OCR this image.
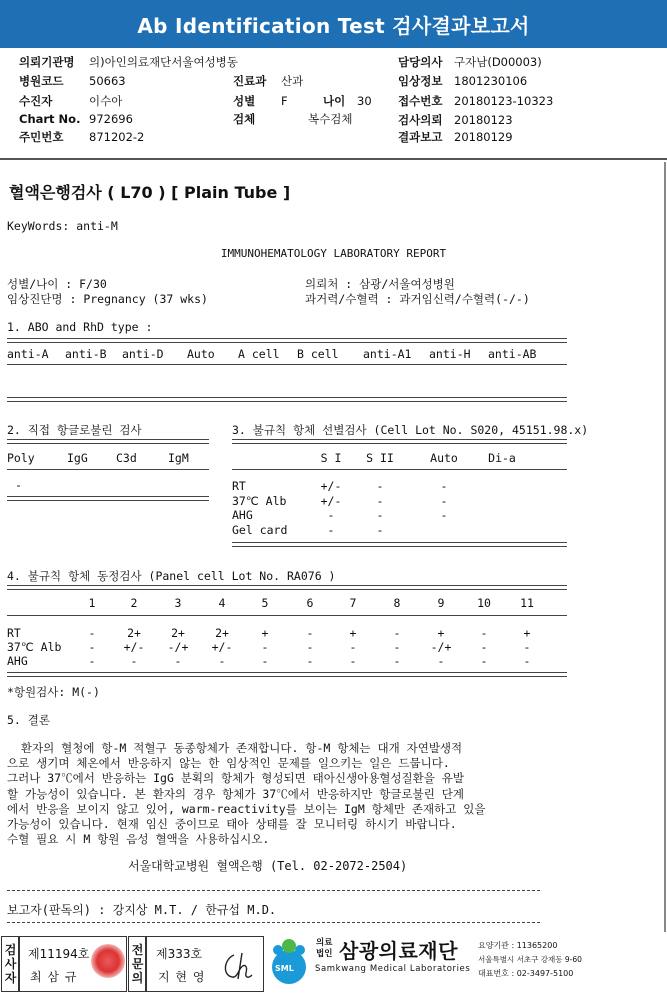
Ab Identification Test 검사결과보고서
의뢰기관명 의)아인의료재단서울여성병동
병원코드 50663
수진자	이수아
Chart No. 972696
주민번호 871202-2
진료과 산과
성별 F	나이 30
검체	복수검체
담당의사 구자남(D00003)
임상정보 1801230106
접수번호 20180123-10323
검사의뢰 20180123
결과보고 20180129
혈액은행검사 ( L70 ) [ Plain Tube ]
KeyWords: anti-M
IMMUNOHEMATOLOGY LABORATORY REPORT
성별/나이 : F/30
임상진단명 : Pregnancy (37 wks)
의뢰처 : 삼광/서울여성병원
과거력/수혈력 : 과거임신력/수혈력(-/-)
1. ABO and RhD type :
anti-A anti-B anti-D Auto A cell B cell anti-A1 anti-H anti-AB
2. 직접 항글로불린 검사
Poly	IgG C3d	IgM
-
3. 불규칙 항체 선별검사 (Cell Lot No. S020, 45151.98.x)
S I	S II	Auto	Di-a
RT	+/-	-	-
37℃ Alb	+/-	-	-
AHG	-	-	-
Gel card	-	-
4. 불규칙 항체 동정검사 (Panel cell Lot No. RA076 )
1	2	3	4	5	6	7	8	9	10	11
RT	-	2+	2+	2+	+	-	+	-	+	-	+
37℃ Alb	-	+/-	-/+	+/-	-	-	-	-	-/+	-	-
AHG	-	-	-	-	-	-	-	-	-	-	-
*항원검사: M(-)
5. 결론
환자의 혈청에 항-M 적혈구 동종항체가 존재합니다. 항-M 항체는 대개 자연발생적
으로 생기며 체온에서 반응하지 않는 한 임상적인 문제를 일으키는 일은 드뭅니다.
그러나 37℃에서 반응하는 IgG 분획의 항체가 형성되면 태아신생아용혈성질환을 유발
할 가능성이 있습니다. 본 환자의 경우 항체가 37℃에서 반응하지만 항글로불린 단계
에서 반응을 보이지 않고 있어, warm-reactivity를 보이는 IgM 항체만 존재하고 있을
가능성이 있습니다. 현재 임신 중이므로 태아 상태를 잘 모니터링 하시기 바랍니다.
수혈 필요 시 M 항원 음성 혈액을 사용하십시오.
서울대학교병원 혈액은행 (Tel. 02-2072-2504)
보고자(판독의) : 강지상 M.T. / 한규섭 M.D.
검
사
자
제11194호
최 삼 규
전
문
의
제333호
지 현 영
SML
의료
법인 삼광의료재단
Samkwang Medical Laboratories
요양기관 : 11365200
서울특별시 서초구 강재동 9-60
대표번호 : 02-3497-5100
